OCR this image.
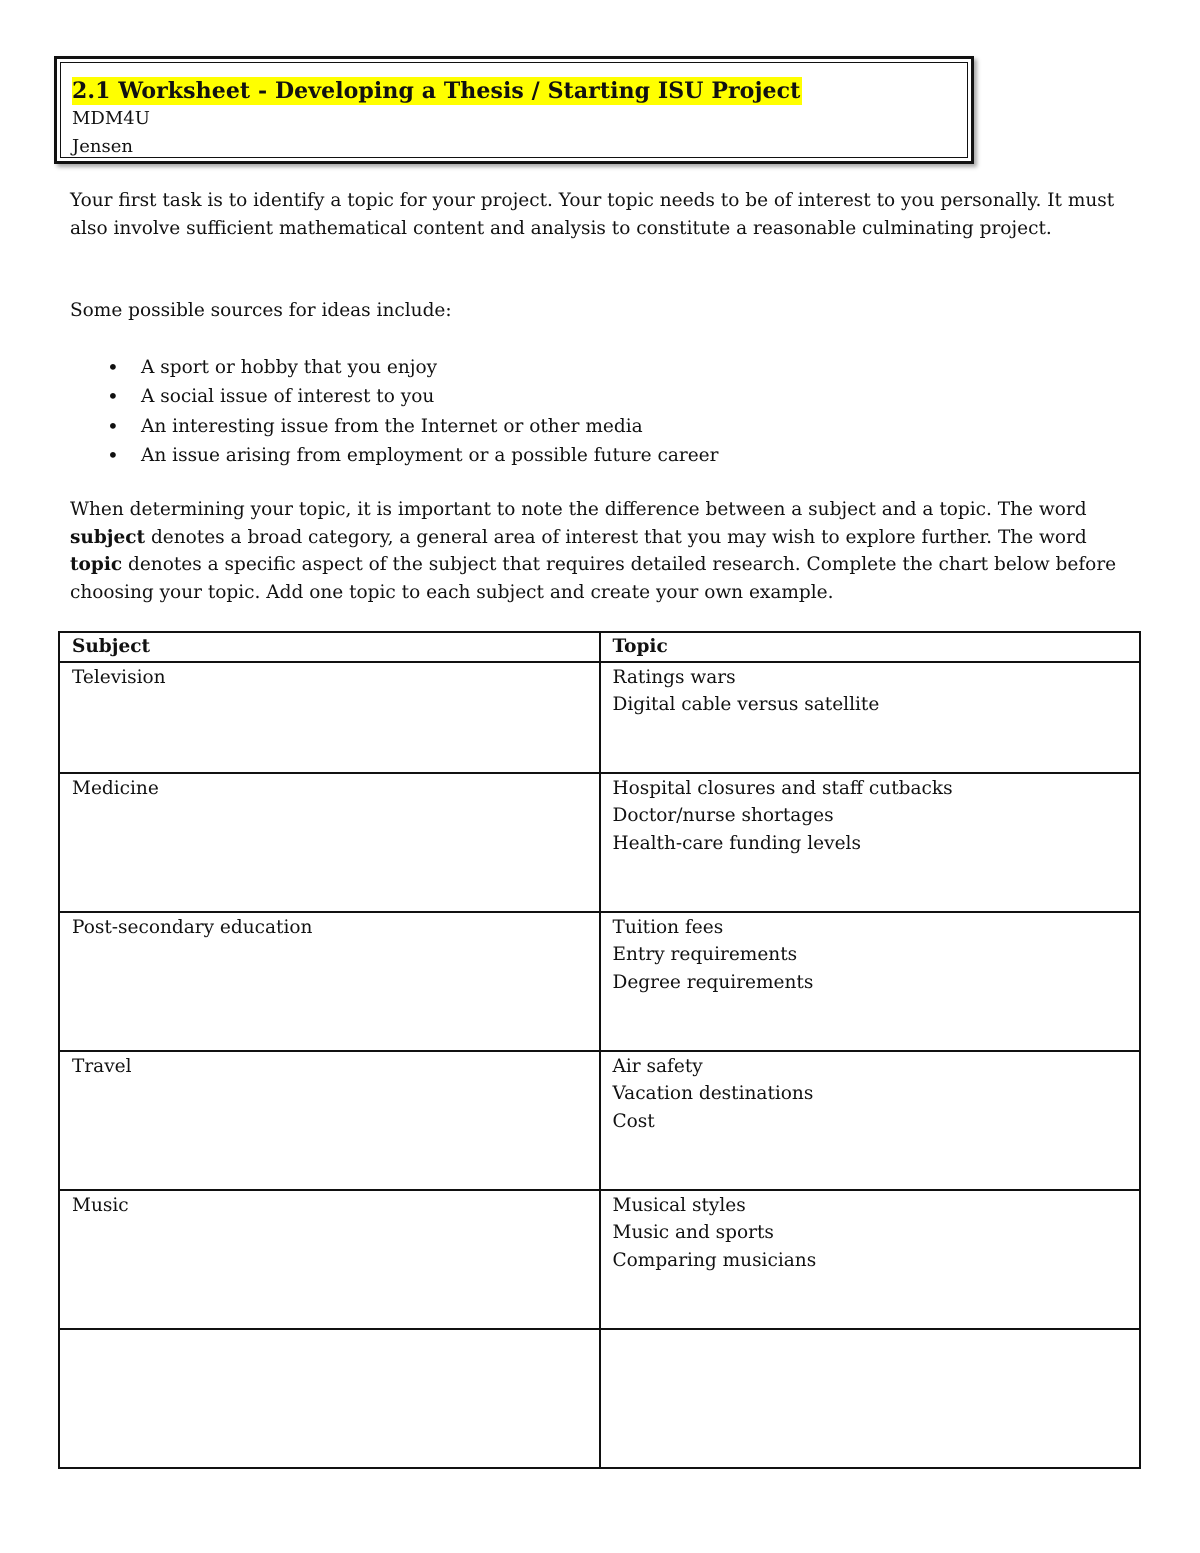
2.1 Worksheet - Developing a Thesis / Starting ISU Project
MDM4U
Jensen
Your first task is to identify a topic for your project. Your topic needs to be of interest to you personally. It must also involve sufficient mathematical content and analysis to constitute a reasonable culminating project.
Some possible sources for ideas include:
• A sport or hobby that you enjoy
• A social issue of interest to you
• An interesting issue from the Internet or other media
• An issue arising from employment or a possible future career
When determining your topic, it is important to note the difference between a subject and a topic. The word subject denotes a broad category, a general area of interest that you may wish to explore further. The word topic denotes a specific aspect of the subject that requires detailed research. Complete the chart below before choosing your topic. Add one topic to each subject and create your own example.
Subject	Topic
Television	Ratings wars
Digital cable versus satellite

Medicine	Hospital closures and staff cutbacks
Doctor/nurse shortages
Health-care funding levels

Post-secondary education	Tuition fees
Entry requirements
Degree requirements

Travel	Air safety
Vacation destinations
Cost

Music	Musical styles
Music and sports
Comparing musicians
